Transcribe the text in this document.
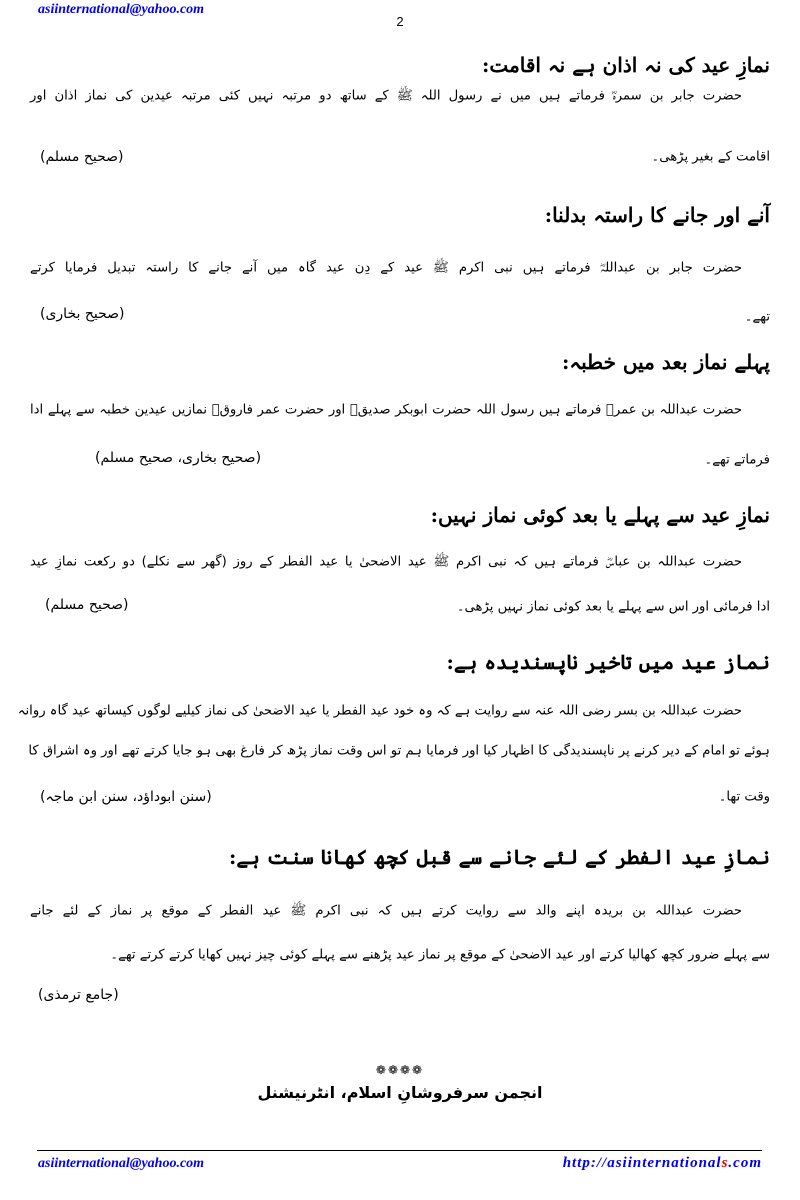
asiinternational@yahoo.com
2
نمازِ عید کی نہ اذان ہے نہ اقامت:
حضرت جابر بن سمرہؓ فرماتے ہیں میں نے رسول اللہ ﷺ کے ساتھ دو مرتبہ نہیں کئی مرتبہ عیدین کی نماز اذان اور
اقامت کے بغیر پڑھی۔
(صحیح مسلم)
آنے اور جانے کا راستہ بدلنا:
حضرت جابر بن عبداللہؓ فرماتے ہیں نبی اکرم ﷺ عید کے دِن عید گاہ میں آنے جانے کا راستہ تبدیل فرمایا کرتے
تھے۔
(صحیح بخاری)
پہلے نماز بعد میں خطبہ:
حضرت عبداللہ بن عمرؓ فرماتے ہیں رسول اللہ حضرت ابوبکر صدیقؓ اور حضرت عمر فاروقؓ نمازیں عیدین خطبہ سے پہلے ادا
فرماتے تھے۔
(صحیح بخاری، صحیح مسلم)
نمازِ عید سے پہلے یا بعد کوئی نماز نہیں:
حضرت عبداللہ بن عباسؓ فرماتے ہیں کہ نبی اکرم ﷺ عید الاضحیٰ یا عید الفطر کے روز (گھر سے نکلے) دو رکعت نمازِ عید
ادا فرمائی اور اس سے پہلے یا بعد کوئی نماز نہیں پڑھی۔
(صحیح مسلم)
نماز عید میں تاخیر ناپسندیدہ ہے:
حضرت عبداللہ بن بسر رضی اللہ عنہ سے روایت ہے کہ وہ خود عید الفطر یا عید الاضحیٰ کی نماز کیلیے لوگوں کیساتھ عید گاہ روانہ
ہوئے تو امام کے دیر کرنے پر ناپسندیدگی کا اظہار کیا اور فرمایا ہم تو اس وقت نماز پڑھ کر فارغ بھی ہو جایا کرتے تھے اور وہ اشراق کا
وقت تھا۔
(سنن ابوداؤد، سنن ابن ماجہ)
نمازِ عید الفطر کے لئے جانے سے قبل کچھ کھانا سنت ہے:
حضرت عبداللہ بن بریدہ اپنے والد سے روایت کرتے ہیں کہ نبی اکرم ﷺ عید الفطر کے موقع پر نماز کے لئے جانے
سے پہلے ضرور کچھ کھالیا کرتے اور عید الاضحیٰ کے موقع پر نماز عید پڑھنے سے پہلے کوئی چیز نہیں کھایا کرتے کرتے تھے۔
(جامع ترمذی)
❁❁❁❁
انجمن سرفروشانِ اسلام، انٹرنیشنل
asiinternational@yahoo.com	http://asiinternationals.com
